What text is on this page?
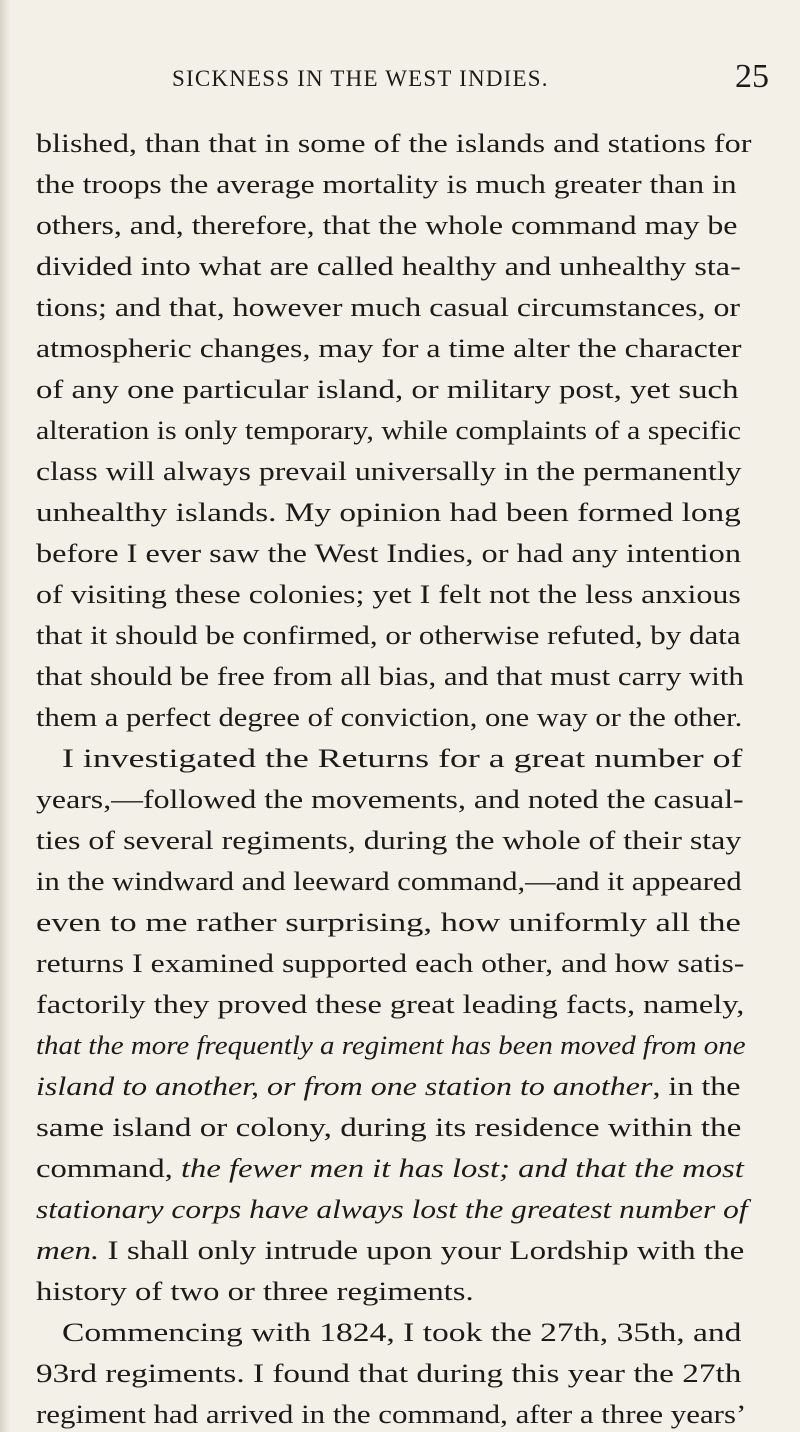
SICKNESS IN THE WEST INDIES.	25
blished, than that in some of the islands and stations for
the troops the average mortality is much greater than in
others, and, therefore, that the whole command may be
divided into what are called healthy and unhealthy sta-
tions; and that, however much casual circumstances, or
atmospheric changes, may for a time alter the character
of any one particular island, or military post, yet such
alteration is only temporary, while complaints of a specific
class will always prevail universally in the permanently
unhealthy islands. My opinion had been formed long
before I ever saw the West Indies, or had any intention
of visiting these colonies; yet I felt not the less anxious
that it should be confirmed, or otherwise refuted, by data
that should be free from all bias, and that must carry with
them a perfect degree of conviction, one way or the other.
I investigated the Returns for a great number of
years,—followed the movements, and noted the casual-
ties of several regiments, during the whole of their stay
in the windward and leeward command,—and it appeared
even to me rather surprising, how uniformly all the
returns I examined supported each other, and how satis-
factorily they proved these great leading facts, namely,
that the more frequently a regiment has been moved from one
island to another, or from one station to another, in the
same island or colony, during its residence within the
command, the fewer men it has lost; and that the most
stationary corps have always lost the greatest number of
men. I shall only intrude upon your Lordship with the
history of two or three regiments.
Commencing with 1824, I took the 27th, 35th, and
93rd regiments. I found that during this year the 27th
regiment had arrived in the command, after a three years’
